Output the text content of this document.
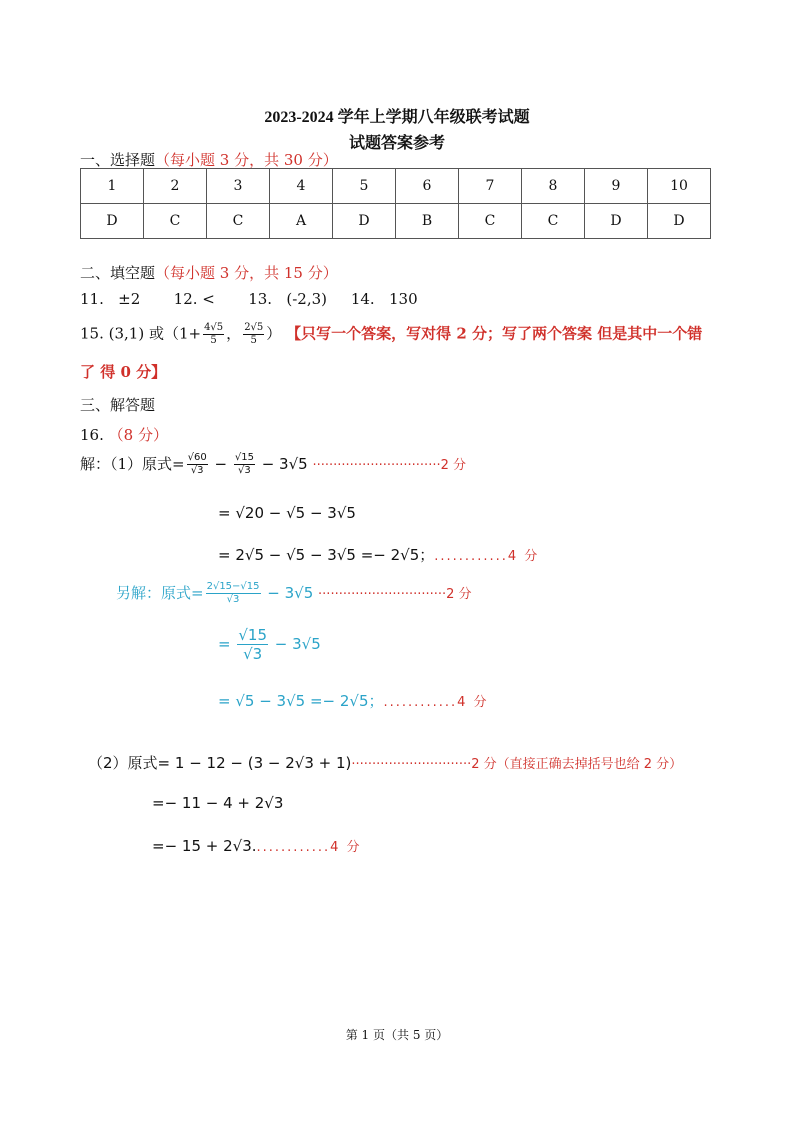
2023-2024 学年上学期八年级联考试题
试题答案参考
一、选择题（每小题 3 分，共 30 分）
1	2	3	4	5	6	7	8	9	10
D	C	C	A	D	B	C	C	D	D
二、填空题（每小题 3 分，共 15 分）
11.   ±2       12. <       13.   (-2,3)     14.   130
15. (3,1) 或（$1+ \frac{4√5}{5}$ ， $\frac{2√5}{5}$ ） 【只写一个答案，写对得 2 分；写了两个答案 但是其中一个错
了 得 0 分】
三、解答题
16. （8 分）
解：（1）原式= $\frac{√60}{√3} - \frac{√15}{√3} - 3√5 \cdot\cdot\cdot\cdot\cdot\cdot\cdot\cdot\cdot\cdot\cdot\cdot\cdot\cdot\cdot\cdot\cdot\cdot\cdot\cdot\cdot\cdot\cdot\cdot\cdot\cdot\cdot\cdot\cdot\cdot\cdot 2$ 分
= √20 − √5 − 3√5
= 2√5 − √5 − 3√5 =− 2√5；............4 分
另解：原式= $\frac{2√15-√15}{√3} - 3√5 \cdot\cdot\cdot\cdot\cdot\cdot\cdot\cdot\cdot\cdot\cdot\cdot\cdot\cdot\cdot\cdot\cdot\cdot\cdot\cdot\cdot\cdot\cdot\cdot\cdot\cdot\cdot\cdot\cdot\cdot\cdot 2$ 分
= $\frac{√15}{√3} - 3√5$
= √5 − 3√5 =− 2√5；............4 分
（2）原式= 1 − 12 − (3 − 2√3 + 1)·····························2 分（直接正确去掉括号也给 2 分）
=− 11 − 4 + 2√3
=− 15 + 2√3.............4 分
第 1 页（共 5 页）
